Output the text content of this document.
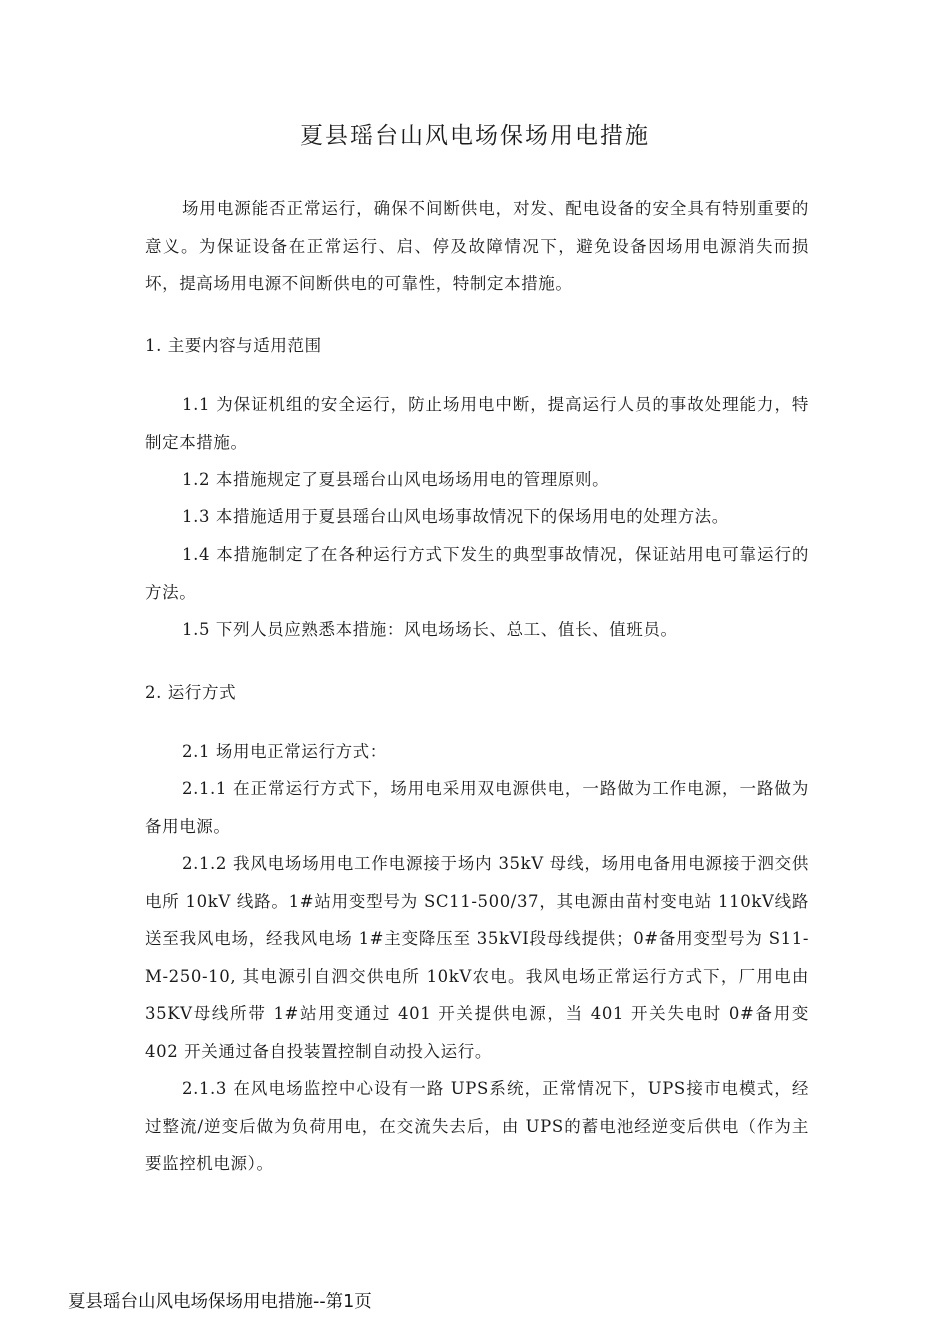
夏县瑶台山风电场保场用电措施

场用电源能否正常运行，确保不间断供电，对发、配电设备的安全具有特别重要的意义。为保证设备在正常运行、启、停及故障情况下，避免设备因场用电源消失而损坏，提高场用电源不间断供电的可靠性，特制定本措施。

1. 主要内容与适用范围

1.1 为保证机组的安全运行，防止场用电中断，提高运行人员的事故处理能力，特制定本措施。

1.2 本措施规定了夏县瑶台山风电场场用电的管理原则。

1.3 本措施适用于夏县瑶台山风电场事故情况下的保场用电的处理方法。

1.4 本措施制定了在各种运行方式下发生的典型事故情况，保证站用电可靠运行的方法。

1.5 下列人员应熟悉本措施：风电场场长、总工、值长、值班员。

2. 运行方式

2.1 场用电正常运行方式：

2.1.1 在正常运行方式下，场用电采用双电源供电，一路做为工作电源，一路做为备用电源。

2.1.2 我风电场场用电工作电源接于场内 35kV 母线，场用电备用电源接于泗交供电所 10kV 线路。1#站用变型号为 SC11-500/37，其电源由苗村变电站 110kV线路送至我风电场，经我风电场 1#主变降压至 35kVⅠ段母线提供；0#备用变型号为 S11-M-250-10, 其电源引自泗交供电所 10kV农电。我风电场正常运行方式下，厂用电由 35KV母线所带 1#站用变通过 401 开关提供电源，当 401 开关失电时 0#备用变 402 开关通过备自投装置控制自动投入运行。

2.1.3 在风电场监控中心设有一路 UPS系统，正常情况下，UPS接市电模式，经过整流/逆变后做为负荷用电，在交流失去后，由 UPS的蓄电池经逆变后供电（作为主要监控机电源）。

夏县瑶台山风电场保场用电措施--第1页
